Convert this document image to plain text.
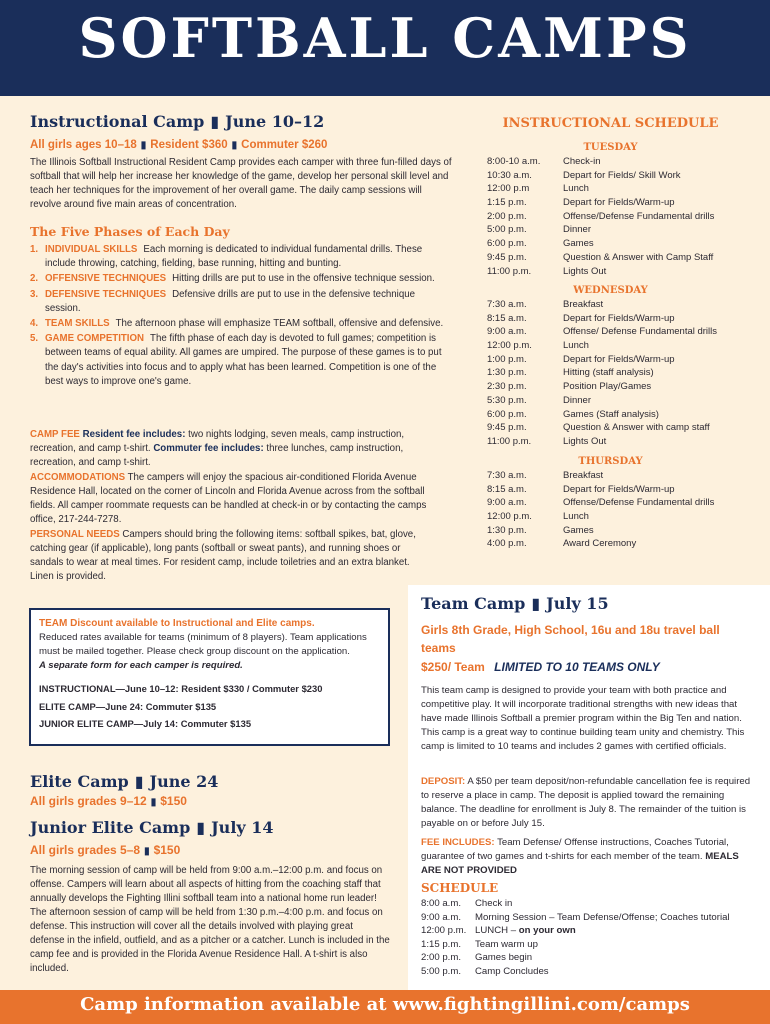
SOFTBALL CAMPS
Instructional Camp ▮ June 10–12
All girls ages 10–18 ▮ Resident $360 ▮ Commuter $260
The Illinois Softball Instructional Resident Camp provides each camper with three fun-filled days of softball that will help her increase her knowledge of the game, develop her personal skill level and teach her techniques for the improvement of her overall game. The daily camp sessions will revolve around five main areas of concentration.
The Five Phases of Each Day
1. INDIVIDUAL SKILLS Each morning is dedicated to individual fundamental drills. These include throwing, catching, fielding, base running, hitting and bunting.
2. OFFENSIVE TECHNIQUES Hitting drills are put to use in the offensive technique session.
3. DEFENSIVE TECHNIQUES Defensive drills are put to use in the defensive technique session.
4. TEAM SKILLS The afternoon phase will emphasize TEAM softball, offensive and defensive.
5. GAME COMPETITION The fifth phase of each day is devoted to full games; competition is between teams of equal ability. All games are umpired. The purpose of these games is to put the day's activities into focus and to apply what has been learned. Competition is one of the best ways to improve one's game.
CAMP FEE Resident fee includes: two nights lodging, seven meals, camp instruction, recreation, and camp t-shirt. Commuter fee includes: three lunches, camp instruction, recreation, and camp t-shirt.
ACCOMMODATIONS The campers will enjoy the spacious air-conditioned Florida Avenue Residence Hall, located on the corner of Lincoln and Florida Avenue across from the softball fields. All camper roommate requests can be handled at check-in or by contacting the camps office, 217-244-7278.
PERSONAL NEEDS Campers should bring the following items: softball spikes, bat, glove, catching gear (if applicable), long pants (softball or sweat pants), and running shoes or sandals to wear at meal times. For resident camp, include toiletries and an extra blanket. Linen is provided.
INSTRUCTIONAL SCHEDULE
TUESDAY
8:00-10 a.m. Check-in
10:30 a.m.	Depart for Fields/ Skill Work
12:00 p.m	Lunch
1:15 p.m.	Depart for Fields/Warm-up
2:00 p.m.	Offense/Defense Fundamental drills
5:00 p.m.	Dinner
6:00 p.m.	Games
9:45 p.m.	Question & Answer with Camp Staff
11:00 p.m.	Lights Out
WEDNESDAY
7:30 a.m.	Breakfast
8:15 a.m.	Depart for Fields/Warm-up
9:00 a.m.	Offense/ Defense Fundamental drills
12:00 p.m.	Lunch
1:00 p.m.	Depart for Fields/Warm-up
1:30 p.m.	Hitting (staff analysis)
2:30 p.m.	Position Play/Games
5:30 p.m.	Dinner
6:00 p.m.	Games (Staff analysis)
9:45 p.m.	Question & Answer with camp staff
11:00 p.m.	Lights Out
THURSDAY
7:30 a.m.	Breakfast
8:15 a.m.	Depart for Fields/Warm-up
9:00 a.m.	Offense/Defense Fundamental drills
12:00 p.m.	Lunch
1:30 p.m.	Games
4:00 p.m.	Award Ceremony
TEAM Discount available to Instructional and Elite camps.
Reduced rates available for teams (minimum of 8 players). Team applications must be mailed together. Please check group discount on the application.
A separate form for each camper is required.
INSTRUCTIONAL—June 10–12: Resident $330 / Commuter $230
ELITE CAMP—June 24: Commuter $135
JUNIOR ELITE CAMP—July 14: Commuter $135
Elite Camp ▮ June 24
All girls grades 9–12 ▮ $150
Junior Elite Camp ▮ July 14
All girls grades 5–8 ▮ $150
The morning session of camp will be held from 9:00 a.m.–12:00 p.m. and focus on offense. Campers will learn about all aspects of hitting from the coaching staff that annually develops the Fighting Illini softball team into a national home run leader! The afternoon session of camp will be held from 1:30 p.m.–4:00 p.m. and focus on defense. This instruction will cover all the details involved with playing great defense in the infield, outfield, and as a pitcher or a catcher. Lunch is included in the camp fee and is provided in the Florida Avenue Residence Hall. A t-shirt is also included.
Team Camp ▮ July 15
Girls 8th Grade, High School, 16u and 18u travel ball teams
$250/ Team LIMITED TO 10 TEAMS ONLY
This team camp is designed to provide your team with both practice and competitive play. It will incorporate traditional strengths with new ideas that have made Illinois Softball a premier program within the Big Ten and nation. This camp is a great way to continue building team unity and chemistry. This camp is limited to 10 teams and includes 2 games with certified officials.
DEPOSIT: A $50 per team deposit/non-refundable cancellation fee is required to reserve a place in camp. The deposit is applied toward the remaining balance. The deadline for enrollment is July 8. The remainder of the tuition is payable on or before July 15.
FEE INCLUDES: Team Defense/ Offense instructions, Coaches Tutorial, guarantee of two games and t-shirts for each member of the team. MEALS ARE NOT PROVIDED
SCHEDULE
8:00 a.m. Check in
9:00 a.m. Morning Session – Team Defense/Offense; Coaches tutorial
12:00 p.m. LUNCH – on your own
1:15 p.m. Team warm up
2:00 p.m. Games begin
5:00 p.m. Camp Concludes
Camp information available at www.fightingillini.com/camps
